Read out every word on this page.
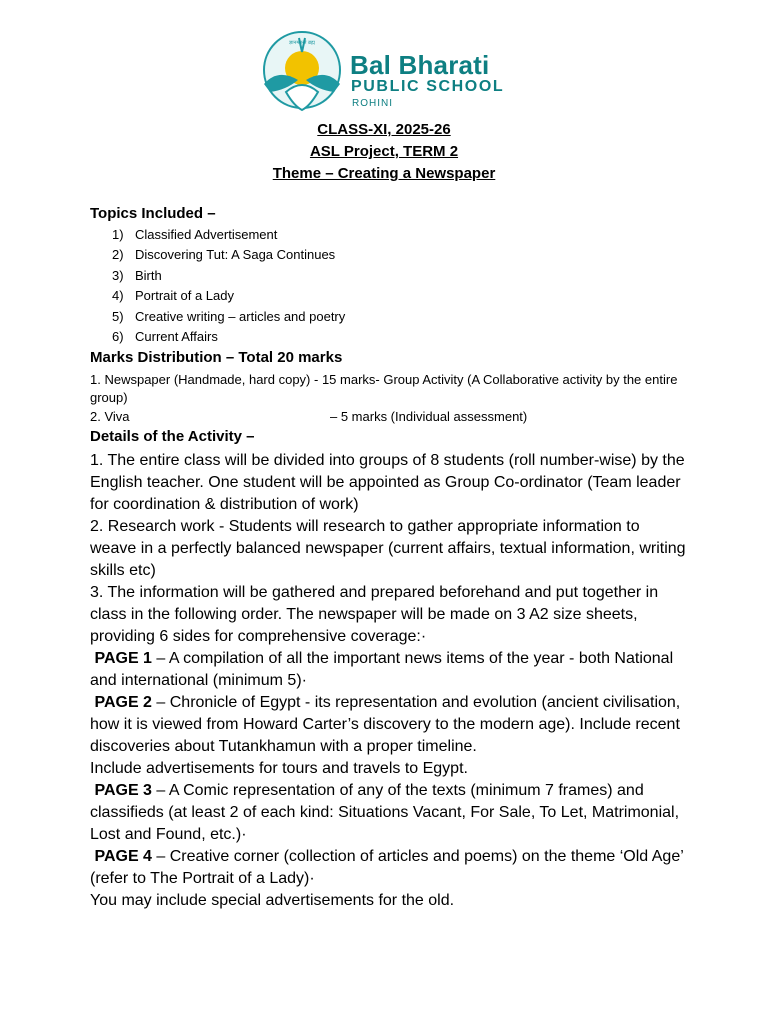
ज्ञानमनन्तं ब्रह्म
Bal Bharati
PUBLIC SCHOOL
ROHINI
CLASS-XI, 2025-26
ASL Project, TERM 2
Theme – Creating a Newspaper
Topics Included –
1) Classified Advertisement
2) Discovering Tut: A Saga Continues
3) Birth
4) Portrait of a Lady
5) Creative writing – articles and poetry
6) Current Affairs
Marks Distribution – Total 20 marks
1. Newspaper (Handmade, hard copy) - 15 marks- Group Activity (A Collaborative activity by the entire group)
2. Viva	– 5 marks (Individual assessment)
Details of the Activity –

1. The entire class will be divided into groups of 8 students (roll number-wise) by the English teacher. One student will be appointed as Group Co-ordinator (Team leader for coordination & distribution of work)

2. Research work - Students will research to gather appropriate information to weave in a perfectly balanced newspaper (current affairs, textual information, writing skills etc)

3. The information will be gathered and prepared beforehand and put together in class in the following order. The newspaper will be made on 3 A2 size sheets, providing 6 sides for comprehensive coverage:·

PAGE 1 – A compilation of all the important news items of the year - both National and international (minimum 5)·

PAGE 2 – Chronicle of Egypt - its representation and evolution (ancient civilisation, how it is viewed from Howard Carter’s discovery to the modern age). Include recent discoveries about Tutankhamun with a proper timeline.

Include advertisements for tours and travels to Egypt.

PAGE 3 – A Comic representation of any of the texts (minimum 7 frames) and classifieds (at least 2 of each kind: Situations Vacant, For Sale, To Let, Matrimonial, Lost and Found, etc.)·

PAGE 4 – Creative corner (collection of articles and poems) on the theme ‘Old Age’ (refer to The Portrait of a Lady)·

You may include special advertisements for the old.
